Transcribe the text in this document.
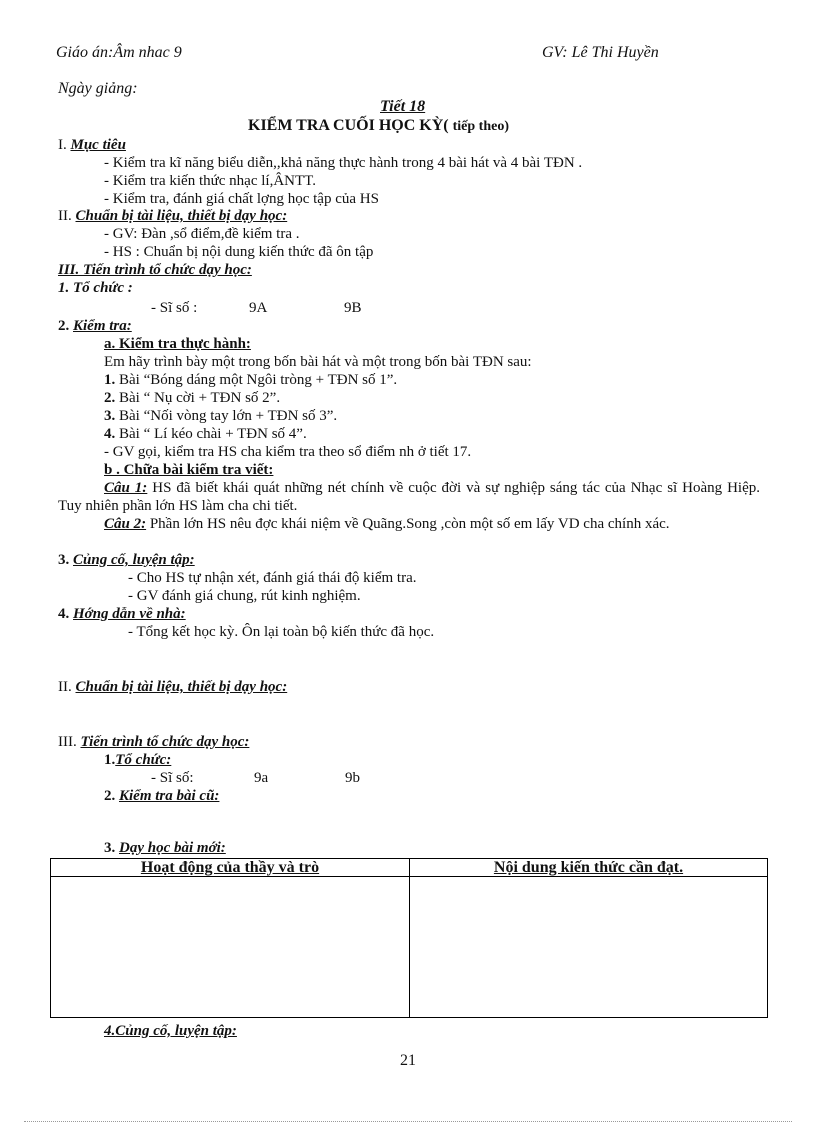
Giáo án:Âm nhac 9	GV: Lê Thi Huyền
Ngày giảng:
Tiết 18
KIỂM TRA CUỐI HỌC KỲ( tiếp theo)
I. Mục tiêu
- Kiểm tra kĩ năng biểu diễn,,khả năng thực hành trong 4 bài hát và 4 bài TĐN .
- Kiểm tra kiến thức nhạc lí,ÂNTT.
- Kiểm tra, đánh giá chất lợng học tập của HS
II. Chuẩn bị tài liệu, thiết bị dạy học:
- GV: Đàn ,sổ điểm,đề kiểm tra .
- HS : Chuẩn bị nội dung kiến thức đã ôn tập
III. Tiến trình tổ chức dạy học:
1. Tổ chức :
- Sĩ số :	9A	9B
2. Kiểm tra:
a. Kiểm tra thực hành:
Em hãy trình bày một trong bốn bài hát và một trong bốn bài TĐN sau:
1. Bài “Bóng dáng một Ngôi tròng + TĐN số 1”.
2. Bài “ Nụ cời + TĐN số 2”.
3. Bài “Nối vòng tay lớn + TĐN số 3”.
4. Bài “ Lí kéo chài + TĐN số 4”.
- GV gọi, kiểm tra HS cha kiểm tra theo sổ điểm nh ở tiết 17.
b . Chữa bài kiểm tra viết:
Câu 1: HS đã biết khái quát những nét chính về cuộc đời và sự nghiệp sáng tác của Nhạc sĩ Hoàng Hiệp. Tuy nhiên phần lớn HS làm cha chi tiết.
Câu 2: Phần lớn HS nêu đợc khái niệm về Quãng.Song ,còn một số em lấy VD cha chính xác.
3. Củng cố, luyện tập:
- Cho HS tự nhận xét, đánh giá thái độ kiểm tra.
- GV đánh giá chung, rút kinh nghiệm.
4. Hớng dẫn về nhà:
- Tổng kết học kỳ. Ôn lại toàn bộ kiến thức đã học.
II. Chuẩn bị tài liệu, thiết bị dạy học:
III. Tiến trình tổ chức dạy học:
1.Tổ chức:
- Sĩ số:	9a	9b
2. Kiểm tra bài cũ:
3. Dạy học bài mới:
Hoạt động của thầy và trò	Nội dung kiến thức cần đạt.

4.Củng cố, luyện tập:
21
